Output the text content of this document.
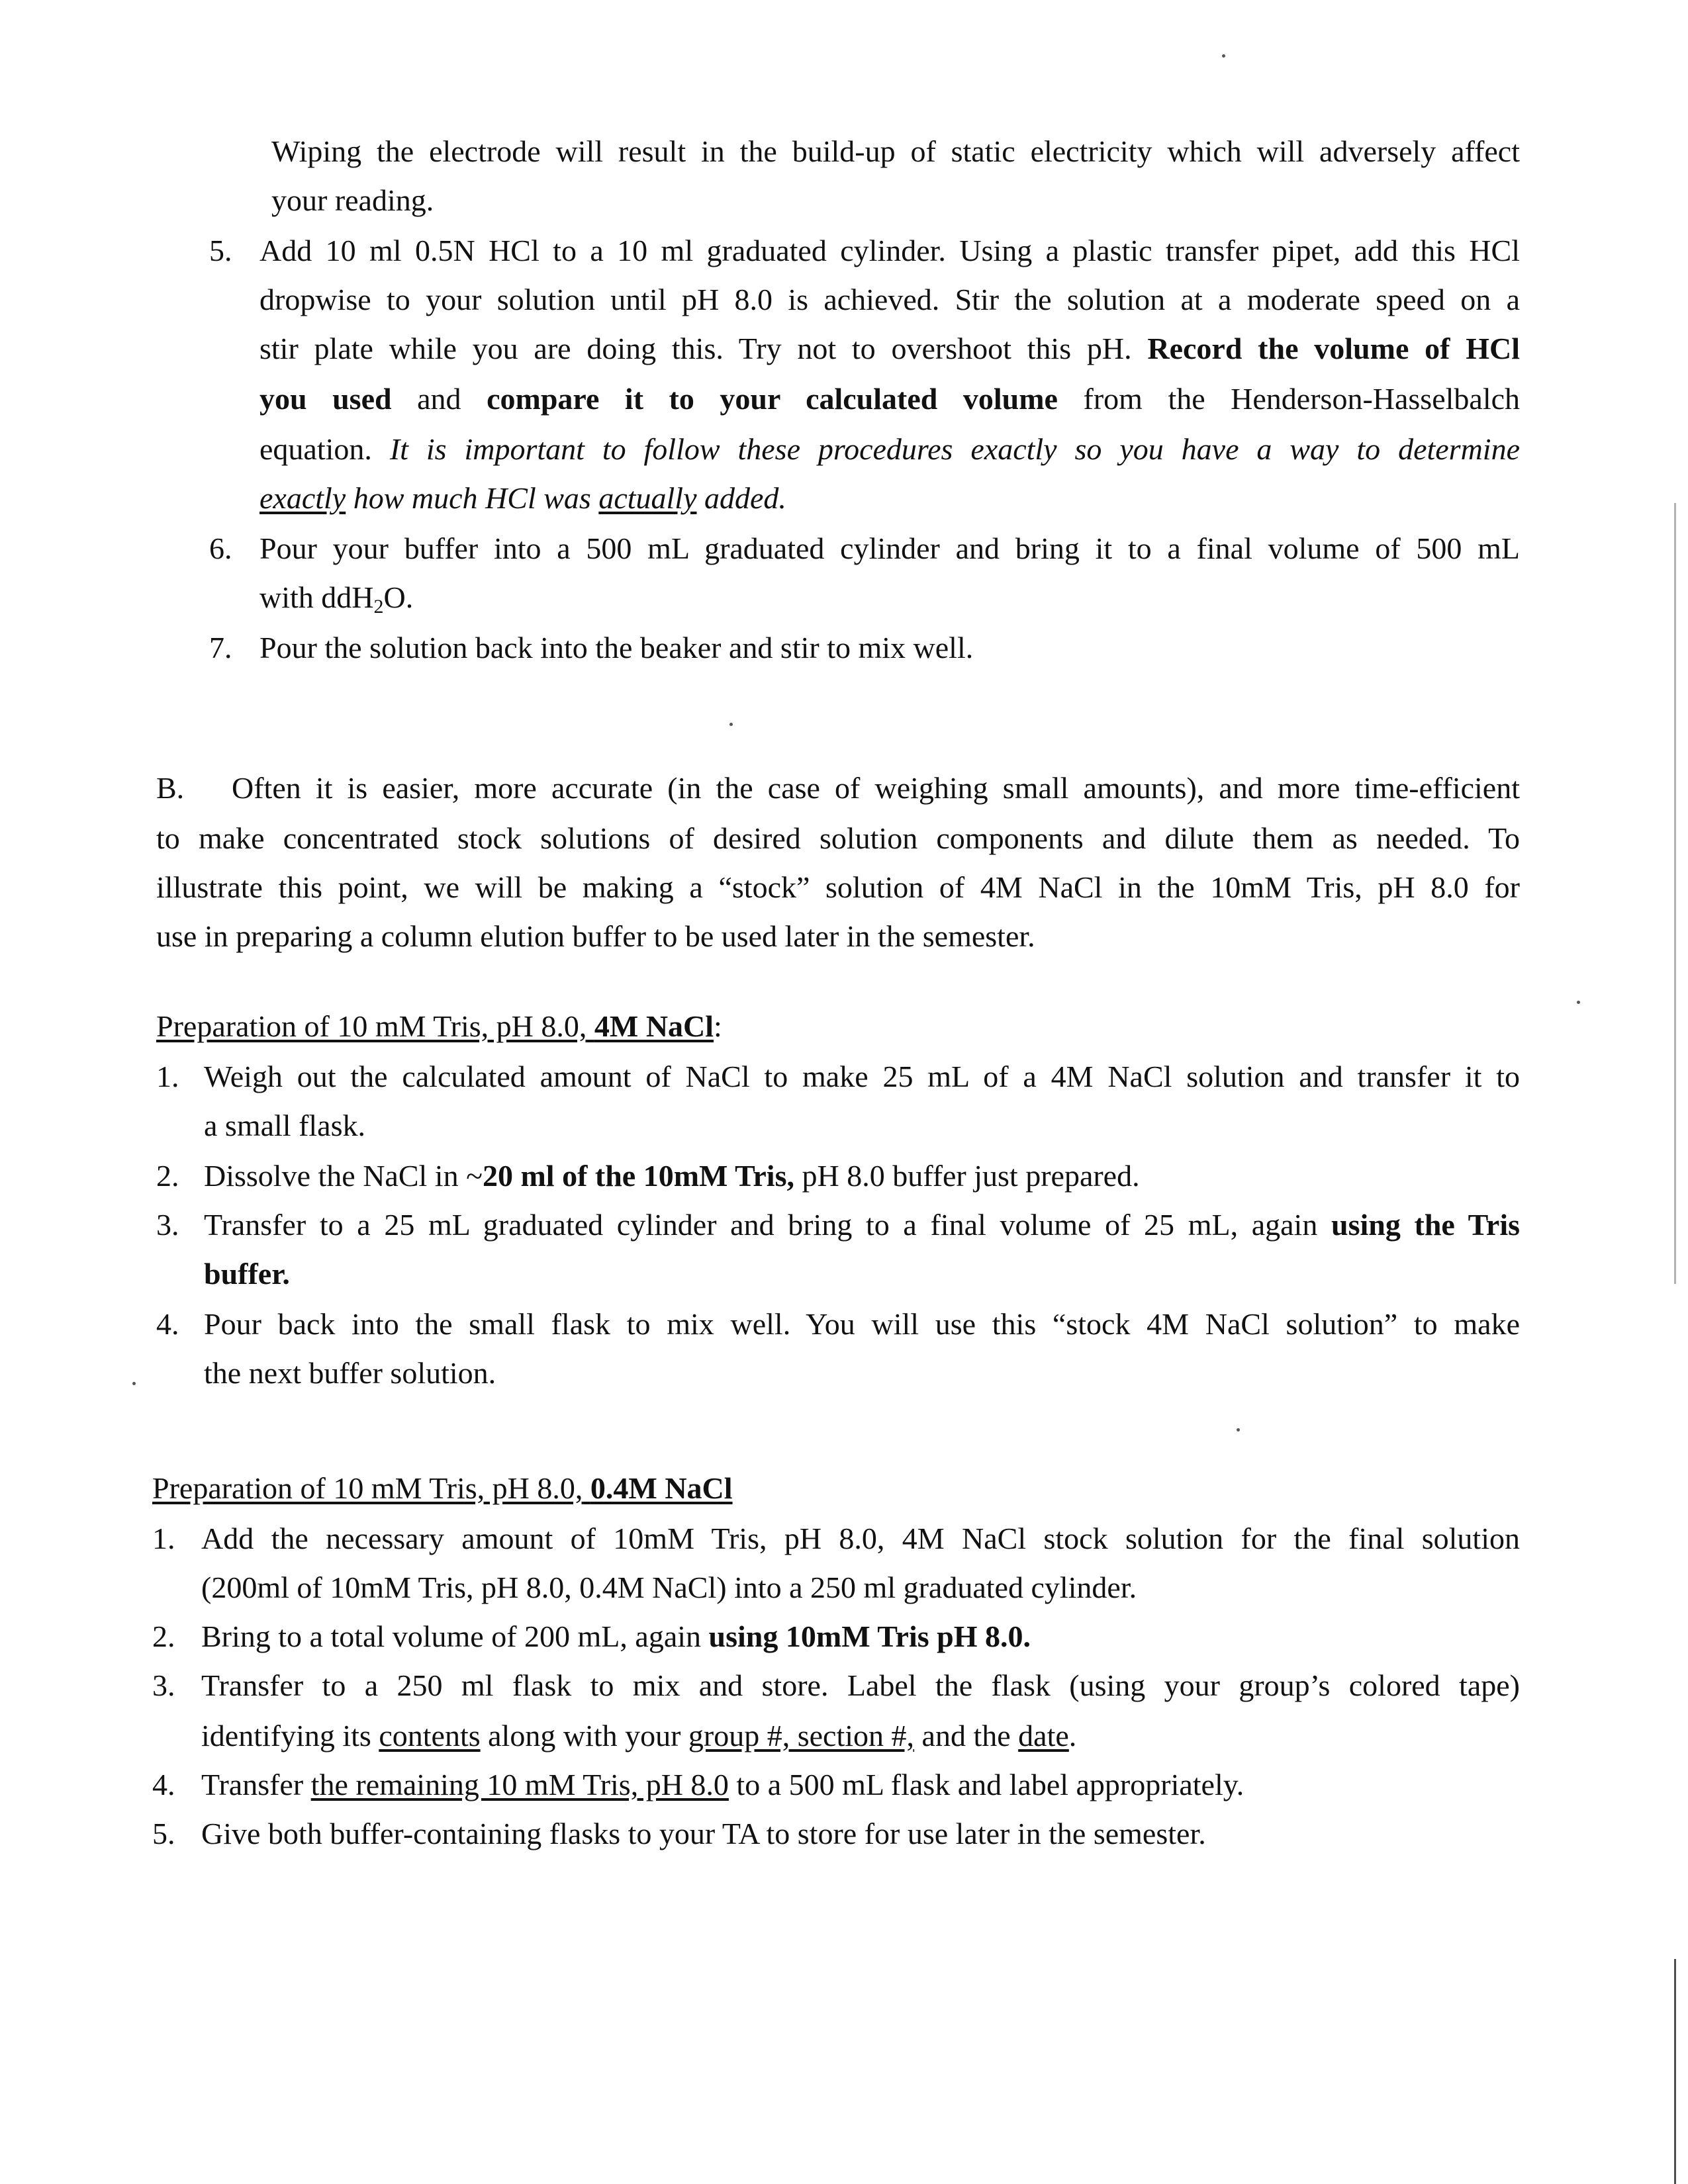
Wiping the electrode will result in the build-up of static electricity which will adversely affect
your reading.
5. Add 10 ml 0.5N HCl to a 10 ml graduated cylinder. Using a plastic transfer pipet, add this HCl
dropwise to your solution until pH 8.0 is achieved. Stir the solution at a moderate speed on a
stir plate while you are doing this. Try not to overshoot this pH. Record the volume of HCl
you used and compare it to your calculated volume from the Henderson-Hasselbalch
equation. It is important to follow these procedures exactly so you have a way to determine
exactly how much HCl was actually added.
6. Pour your buffer into a 500 mL graduated cylinder and bring it to a final volume of 500 mL
with ddH$_2$O.
7. Pour the solution back into the beaker and stir to mix well.
B. Often it is easier, more accurate (in the case of weighing small amounts), and more time-efficient
to make concentrated stock solutions of desired solution components and dilute them as needed. To
illustrate this point, we will be making a “stock” solution of 4M NaCl in the 10mM Tris, pH 8.0 for
use in preparing a column elution buffer to be used later in the semester.
Preparation of 10 mM Tris, pH 8.0, 4M NaCl:
1. Weigh out the calculated amount of NaCl to make 25 mL of a 4M NaCl solution and transfer it to
a small flask.
2. Dissolve the NaCl in ~20 ml of the 10mM Tris, pH 8.0 buffer just prepared.
3. Transfer to a 25 mL graduated cylinder and bring to a final volume of 25 mL, again using the Tris
buffer.
4. Pour back into the small flask to mix well. You will use this “stock 4M NaCl solution” to make
the next buffer solution.
Preparation of 10 mM Tris, pH 8.0, 0.4M NaCl
1. Add the necessary amount of 10mM Tris, pH 8.0, 4M NaCl stock solution for the final solution
(200ml of 10mM Tris, pH 8.0, 0.4M NaCl) into a 250 ml graduated cylinder.
2. Bring to a total volume of 200 mL, again using 10mM Tris pH 8.0.
3. Transfer to a 250 ml flask to mix and store. Label the flask (using your group’s colored tape)
identifying its contents along with your group #, section #, and the date.
4. Transfer the remaining 10 mM Tris, pH 8.0 to a 500 mL flask and label appropriately.
5. Give both buffer-containing flasks to your TA to store for use later in the semester.
